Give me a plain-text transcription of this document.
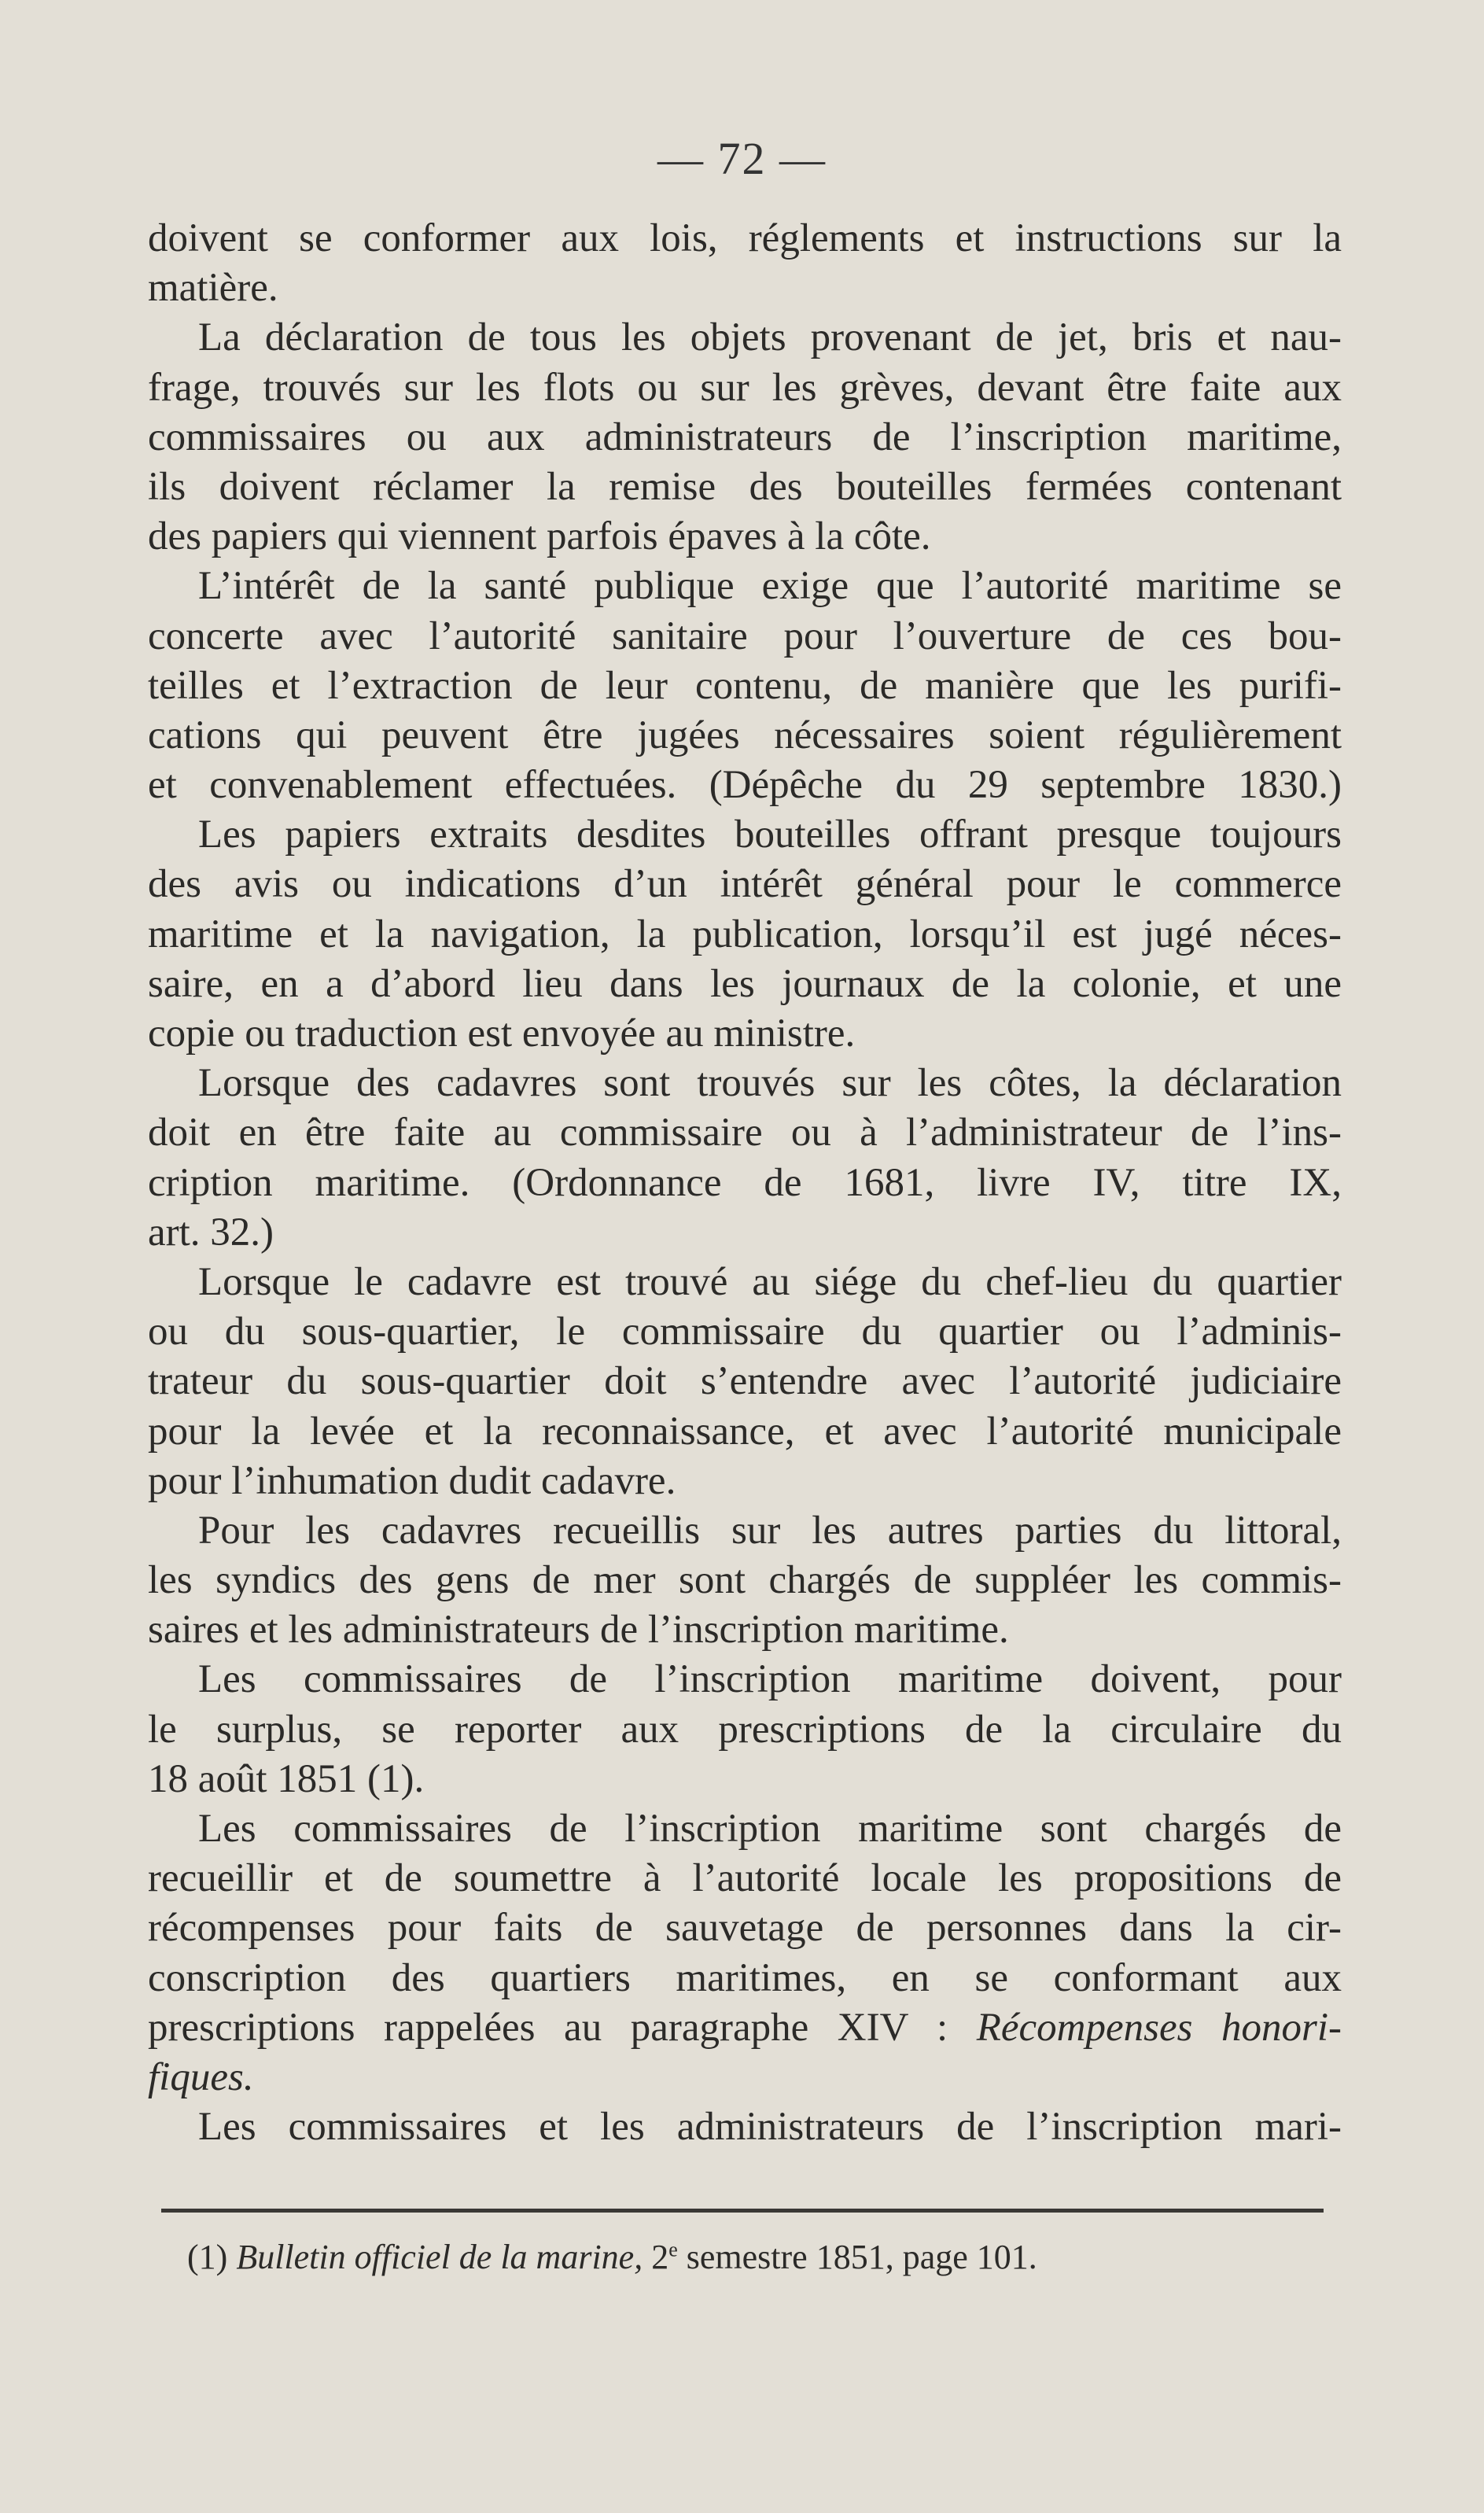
— 72 —
doivent se conformer aux lois, réglements et instructions sur la
matière.
La déclaration de tous les objets provenant de jet, bris et nau-
frage, trouvés sur les flots ou sur les grèves, devant être faite aux
commissaires ou aux administrateurs de l’inscription maritime,
ils doivent réclamer la remise des bouteilles fermées contenant
des papiers qui viennent parfois épaves à la côte.
L’intérêt de la santé publique exige que l’autorité maritime se
concerte avec l’autorité sanitaire pour l’ouverture de ces bou-
teilles et l’extraction de leur contenu, de manière que les purifi-
cations qui peuvent être jugées nécessaires soient régulièrement
et convenablement effectuées. (Dépêche du 29 septembre 1830.)
Les papiers extraits desdites bouteilles offrant presque toujours
des avis ou indications d’un intérêt général pour le commerce
maritime et la navigation, la publication, lorsqu’il est jugé néces-
saire, en a d’abord lieu dans les journaux de la colonie, et une
copie ou traduction est envoyée au ministre.
Lorsque des cadavres sont trouvés sur les côtes, la déclaration
doit en être faite au commissaire ou à l’administrateur de l’ins-
cription maritime. (Ordonnance de 1681, livre IV, titre IX,
art. 32.)
Lorsque le cadavre est trouvé au siége du chef-lieu du quartier
ou du sous-quartier, le commissaire du quartier ou l’adminis-
trateur du sous-quartier doit s’entendre avec l’autorité judiciaire
pour la levée et la reconnaissance, et avec l’autorité municipale
pour l’inhumation dudit cadavre.
Pour les cadavres recueillis sur les autres parties du littoral,
les syndics des gens de mer sont chargés de suppléer les commis-
saires et les administrateurs de l’inscription maritime.
Les commissaires de l’inscription maritime doivent, pour
le surplus, se reporter aux prescriptions de la circulaire du
18 août 1851 (1).
Les commissaires de l’inscription maritime sont chargés de
recueillir et de soumettre à l’autorité locale les propositions de
récompenses pour faits de sauvetage de personnes dans la cir-
conscription des quartiers maritimes, en se conformant aux
prescriptions rappelées au paragraphe XIV : Récompenses honori-
fiques.
Les commissaires et les administrateurs de l’inscription mari-
(1) Bulletin officiel de la marine, 2e semestre 1851, page 101.
